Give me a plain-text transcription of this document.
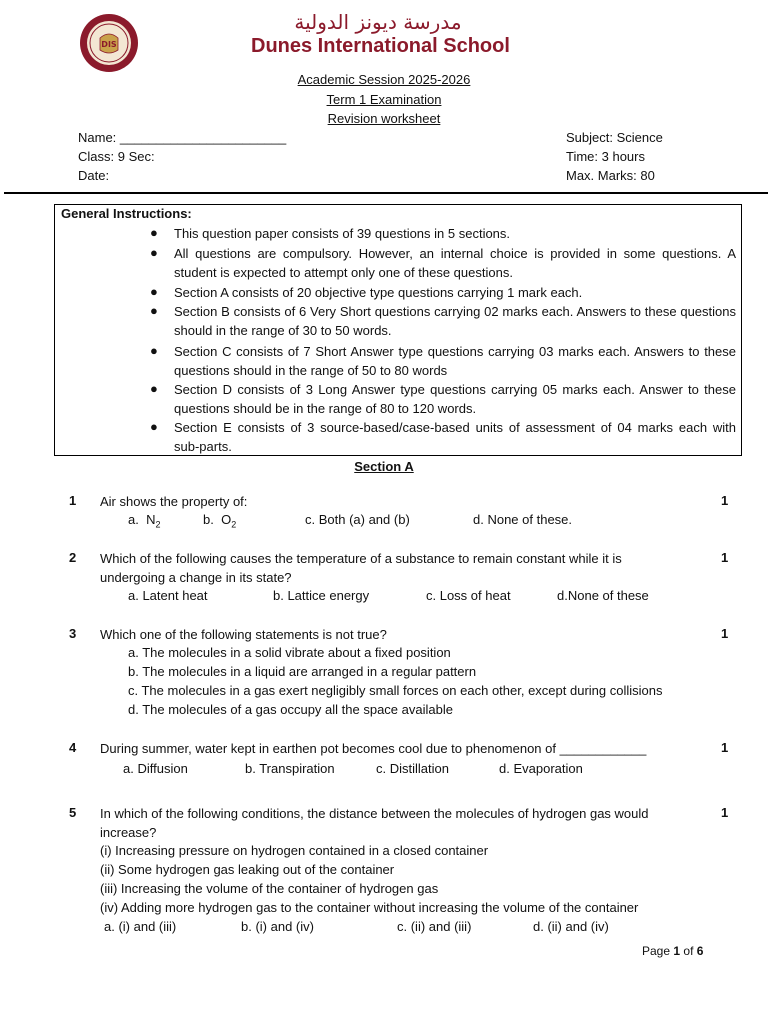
DIS
مدرسة ديونز الدولية
Dunes International School
Academic Session 2025-2026
Term 1 Examination
Revision worksheet
Name: _______________________
Class: 9 Sec:
Date:
Subject: Science
Time: 3 hours
Max. Marks: 80
General Instructions:
● This question paper consists of 39 questions in 5 sections.
● All questions are compulsory. However, an internal choice is provided in some questions. A student is expected to attempt only one of these questions.
● Section A consists of 20 objective type questions carrying 1 mark each.
● Section B consists of 6 Very Short questions carrying 02 marks each. Answers to these questions should in the range of 30 to 50 words.
● Section C consists of 7 Short Answer type questions carrying 03 marks each. Answers to these questions should in the range of 50 to 80 words
● Section D consists of 3 Long Answer type questions carrying 05 marks each. Answer to these questions should be in the range of 80 to 120 words.
● Section E consists of 3 source-based/case-based units of assessment of 04 marks each with sub-parts.
Section A
1 Air shows the property of:	1
a. $N_2$	b. $O_2$	c. Both (a) and (b)	d. None of these.
2 Which of the following causes the temperature of a substance to remain constant while it is undergoing a change in its state?
1
a. Latent heat	b. Lattice energy	c. Loss of heat	d.None of these
3 Which one of the following statements is not true?	1
a. The molecules in a solid vibrate about a fixed position
b. The molecules in a liquid are arranged in a regular pattern
c. The molecules in a gas exert negligibly small forces on each other, except during collisions
d. The molecules of a gas occupy all the space available
4 During summer, water kept in earthen pot becomes cool due to phenomenon of ____________	1
a. Diffusion	b. Transpiration	c. Distillation	d. Evaporation
5 In which of the following conditions, the distance between the molecules of hydrogen gas would increase?
1
(i) Increasing pressure on hydrogen contained in a closed container
(ii) Some hydrogen gas leaking out of the container
(iii) Increasing the volume of the container of hydrogen gas
(iv) Adding more hydrogen gas to the container without increasing the volume of the container
a. (i) and (iii)	b. (i) and (iv)	c. (ii) and (iii)	d. (ii) and (iv)
Page 1 of 6
